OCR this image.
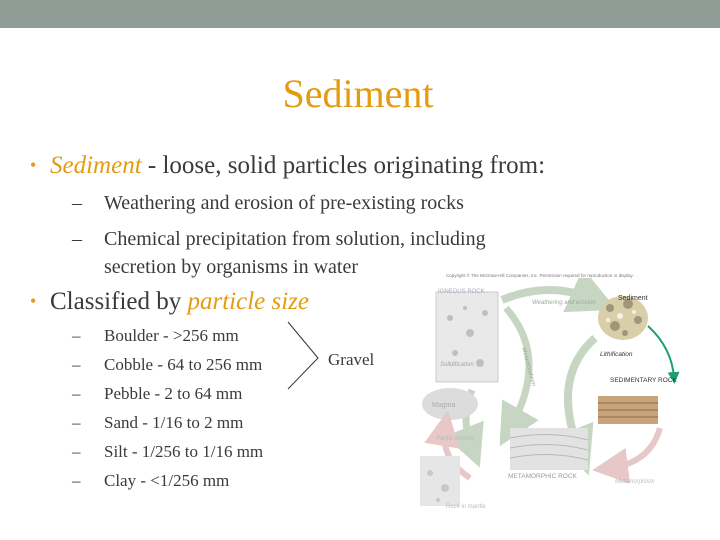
Sediment
• Sediment - loose, solid particles originating from:
– Weathering and erosion of pre-existing rocks
– Chemical precipitation from solution, including
secretion by organisms in water
• Classified by particle size
– Boulder - >256 mm
– Cobble - 64 to 256 mm
– Pebble - 2 to 64 mm
– Sand - 1/16 to 2 mm
– Silt - 1/256 to 1/16 mm
– Clay - <1/256 mm
Gravel
Copyright © The McGraw-Hill Companies, Inc. Permission required for reproduction or display.
IGNEOUS ROCK
Weathering and erosion
Sediment
Lithification
SEDIMENTARY ROCK
Solidification
Magma
Metamorphism
METAMORPHIC ROCK
Partial melting
Metamorphism
Rock in mantle
